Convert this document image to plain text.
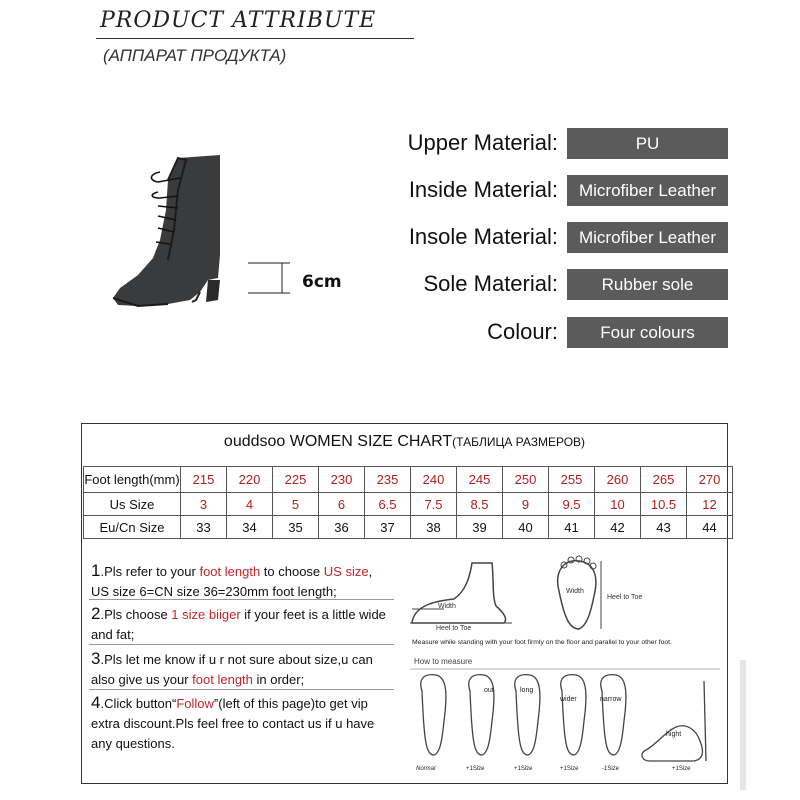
PRODUCT ATTRIBUTE
(АППАРАТ ПРОДУКТА)
6cm
Upper Material:	PU
Inside Material:	Microfiber Leather
Insole Material:	Microfiber Leather
Sole Material:	Rubber sole
Colour:	Four colours
ouddsoo WOMEN SIZE CHART(ТАБЛИЦА РАЗМЕРОВ)
Foot length(mm)	215	220	225	230	235	240	245	250	255	260	265	270
Us Size	3	4	5	6	6.5	7.5	8.5	9	9.5	10	10.5	12
Eu/Cn Size	33	34	35	36	37	38	39	40	41	42	43	44
1.Pls refer to your foot length to choose US size, US size 6=CN size 36=230mm foot length;
2.Pls choose 1 size biiger if your feet is a little wide and fat;
3.Pls let me know if u r not sure about size,u can also give us your foot length in order;
4.Click button“Follow”(left of this page)to get vip extra discount.Pls feel free to contact us if u have any questions.
Width
Heel to Toe
Width
Heel to Toe
Measure while standing with your foot firmly on the floor and parallel to your other foot.
How to measure
out	long
wider	narrow
hight
Normal	+1Size	+1Size	+1Size	-1Size	+1Size
